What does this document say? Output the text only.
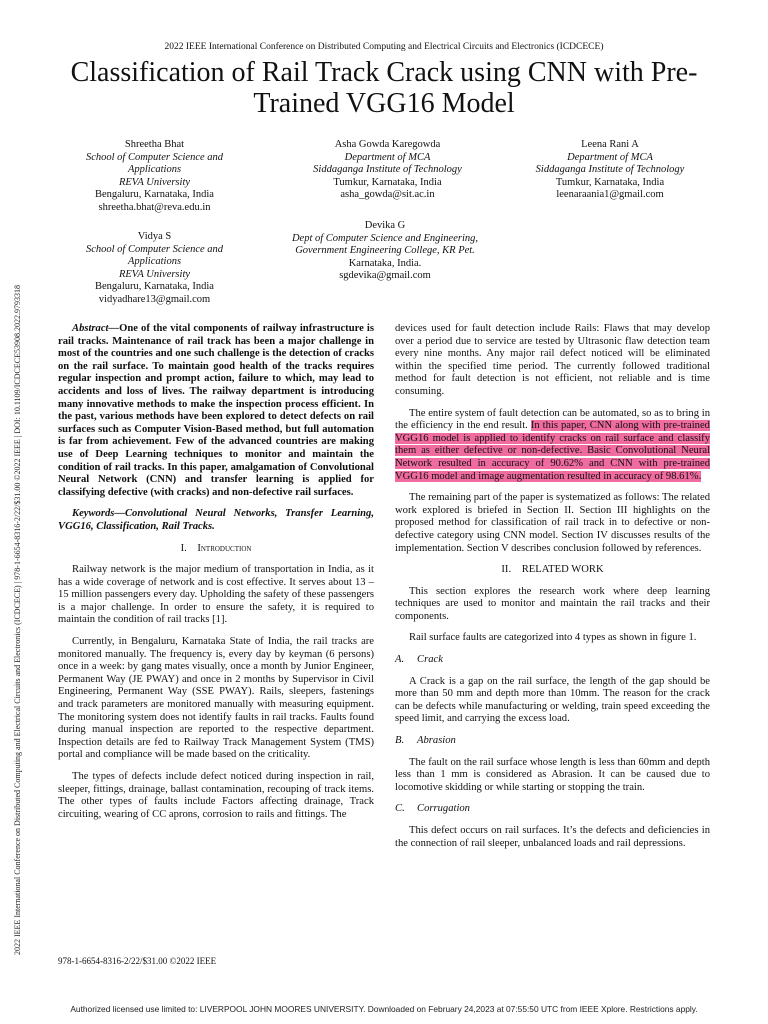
2022 IEEE International Conference on Distributed Computing and Electrical Circuits and Electronics (ICDCECE)
Classification of Rail Track Crack using CNN with Pre-Trained VGG16 Model
2022 IEEE International Conference on Distributed Computing and Electrical Circuits and Electronics (ICDCECE) | 978-1-6654-8316-2/22/$31.00 ©2022 IEEE | DOI: 10.1109/ICDCECE53908.2022.9793318
Shreetha Bhat
School of Computer Science and Applications
REVA University
Bengaluru, Karnataka, India
shreetha.bhat@reva.edu.in
Asha Gowda Karegowda
Department of MCA
Siddaganga Institute of Technology
Tumkur, Karnataka, India
asha_gowda@sit.ac.in
Leena Rani A
Department of MCA
Siddaganga Institute of Technology
Tumkur, Karnataka, India
leenaraania1@gmail.com
Vidya S
School of Computer Science and Applications
REVA University
Bengaluru, Karnataka, India
vidyadhare13@gmail.com
Devika G
Dept of Computer Science and Engineering, Government Engineering College, KR Pet.
Karnataka, India.
sgdevika@gmail.com

Abstract—One of the vital components of railway infrastructure is rail tracks. Maintenance of rail track has been a major challenge in most of the countries and one such challenge is the detection of cracks on the rail surface. To maintain good health of the tracks requires regular inspection and prompt action, failure to which, may lead to accidents and loss of lives. The railway department is introducing many innovative methods to make the inspection process efficient. In the past, various methods have been explored to detect defects on rail surfaces such as Computer Vision-Based method, but full automation is far from achievement. Few of the advanced countries are making use of Deep Learning techniques to monitor and maintain the condition of rail tracks. In this paper, amalgamation of Convolutional Neural Network (CNN) and transfer learning is applied for classifying defective (with cracks) and non-defective rail surfaces.

Keywords—Convolutional Neural Networks, Transfer Learning, VGG16, Classification, Rail Tracks.

I. Introduction

Railway network is the major medium of transportation in India, as it has a wide coverage of network and is cost effective. It serves about 13 – 15 million passengers every day. Upholding the safety of these passengers is a major challenge. In order to ensure the safety, it is required to maintain the condition of rail tracks [1].

Currently, in Bengaluru, Karnataka State of India, the rail tracks are monitored manually. The frequency is, every day by keyman (6 persons) once in a week: by gang mates visually, once a month by Junior Engineer, Permanent Way (JE PWAY) and once in 2 months by Supervisor in Civil Engineering, Permanent Way (SSE PWAY). Rails, sleepers, fastenings and track parameters are monitored manually with measuring equipment. The monitoring system does not identify faults in rail tracks. Faults found during manual inspection are reported to the respective department. Inspection details are fed to Railway Track Management System (TMS) portal and compliance will be made based on the criticality.

The types of defects include defect noticed during inspection in rail, sleeper, fittings, drainage, ballast contamination, recouping of track items. The other types of faults include Factors affecting drainage, Track circuiting, wearing of CC aprons, corrosion to rails and fittings. The

devices used for fault detection include Rails: Flaws that may develop over a period due to service are tested by Ultrasonic flaw detection team every nine months. Any major rail defect noticed will be eliminated within the specified time period. The currently followed traditional method for fault detection is not efficient, not reliable and is time consuming.

The entire system of fault detection can be automated, so as to bring in the efficiency in the end result. In this paper, CNN along with pre-trained VGG16 model is applied to identify cracks on rail surface and classify them as either defective or non-defective. Basic Convolutional Neural Network resulted in accuracy of 90.62% and CNN with pre-trained VGG16 model and image augmentation resulted in accuracy of 98.61%.

The remaining part of the paper is systematized as follows: The related work explored is briefed in Section II. Section III highlights on the proposed method for classification of rail track in to defective or non- defective category using CNN model. Section IV discusses results of the implementation. Section V describes conclusion followed by references.

II. RELATED WORK

This section explores the research work where deep learning techniques are used to monitor and maintain the rail tracks and their components.

Rail surface faults are categorized into 4 types as shown in figure 1.

A. Crack

A Crack is a gap on the rail surface, the length of the gap should be more than 50 mm and depth more than 10mm. The reason for the crack can be defects while manufacturing or welding, train speed exceeding the speed limit, and carrying the excess load.

B. Abrasion

The fault on the rail surface whose length is less than 60mm and depth less than 1 mm is considered as Abrasion. It can be caused due to locomotive skidding or while starting or stopping the train.

C. Corrugation

This defect occurs on rail surfaces. It’s the defects and deficiencies in the connection of rail sleeper, unbalanced loads and rail depressions.

978-1-6654-8316-2/22/$31.00 ©2022 IEEE
Authorized licensed use limited to: LIVERPOOL JOHN MOORES UNIVERSITY. Downloaded on February 24,2023 at 07:55:50 UTC from IEEE Xplore. Restrictions apply.
